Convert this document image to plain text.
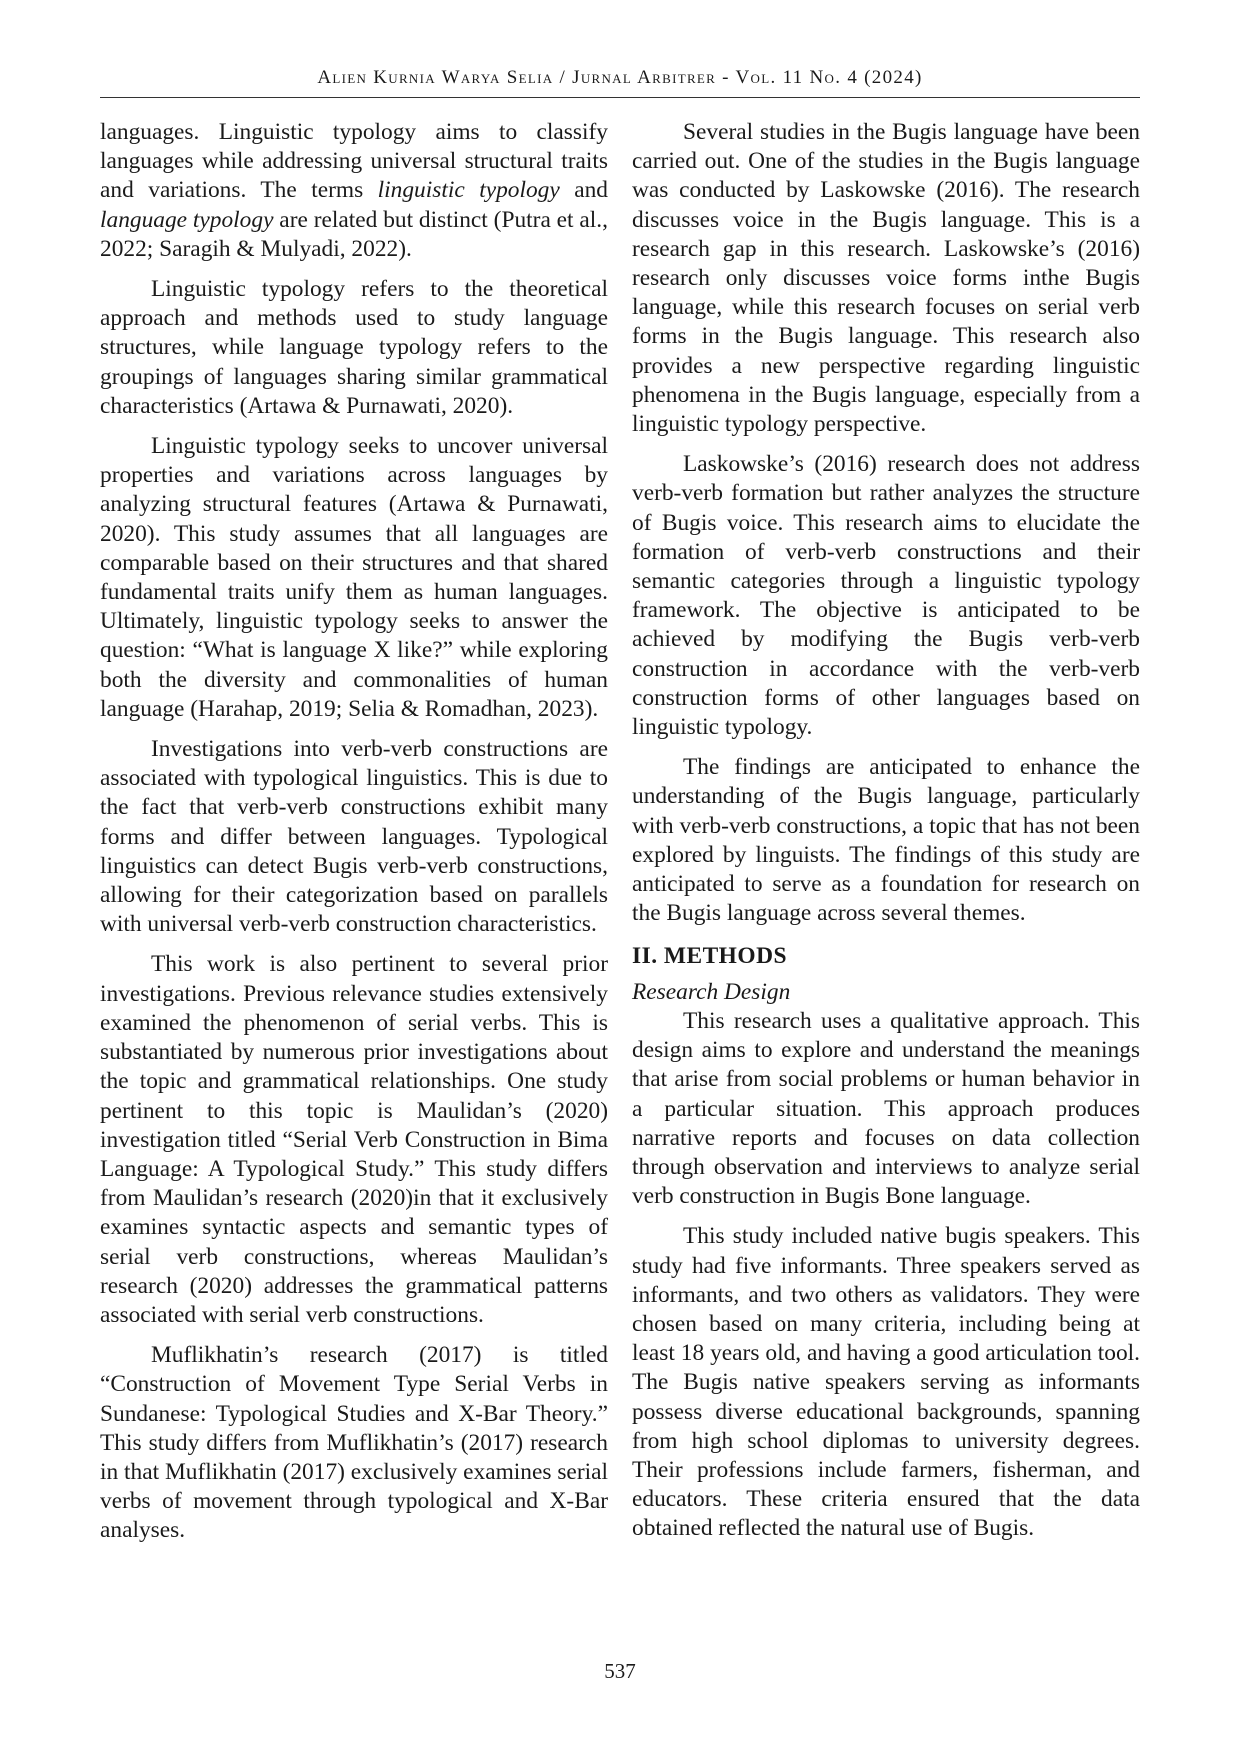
Alien Kurnia Warya Selia / Jurnal Arbitrer - Vol. 11 No. 4 (2024)

languages. Linguistic typology aims to classify languages while addressing universal structural traits and variations. The terms linguistic typology and language typology are related but distinct (Putra et al., 2022; Saragih & Mulyadi, 2022).

Linguistic typology refers to the theoretical approach and methods used to study language structures, while language typology refers to the groupings of languages sharing similar grammatical characteristics (Artawa & Purnawati, 2020).

Linguistic typology seeks to uncover universal properties and variations across languages by analyzing structural features (Artawa & Purnawati, 2020). This study assumes that all languages are comparable based on their structures and that shared fundamental traits unify them as human languages. Ultimately, linguistic typology seeks to answer the question: “What is language X like?” while exploring both the diversity and commonalities of human language (Harahap, 2019; Selia & Romadhan, 2023).

Investigations into verb-verb constructions are associated with typological linguistics. This is due to the fact that verb-verb constructions exhibit many forms and differ between languages. Typological linguistics can detect Bugis verb-verb constructions, allowing for their categorization based on parallels with universal verb-verb construction characteristics.

This work is also pertinent to several prior investigations. Previous relevance studies extensively examined the phenomenon of serial verbs. This is substantiated by numerous prior investigations about the topic and grammatical relationships. One study pertinent to this topic is Maulidan’s (2020) investigation titled “Serial Verb Construction in Bima Language: A Typological Study.” This study differs from Maulidan’s research (2020)in that it exclusively examines syntactic aspects and semantic types of serial verb constructions, whereas Maulidan’s research (2020) addresses the grammatical patterns associated with serial verb constructions.

Muflikhatin’s research (2017) is titled “Construction of Movement Type Serial Verbs in Sundanese: Typological Studies and X-Bar Theory.” This study differs from Muflikhatin’s (2017) research in that Muflikhatin (2017) exclusively examines serial verbs of movement through typological and X-Bar analyses.

Several studies in the Bugis language have been carried out. One of the studies in the Bugis language was conducted by Laskowske (2016). The research discusses voice in the Bugis language. This is a research gap in this research. Laskowske’s (2016) research only discusses voice forms inthe Bugis language, while this research focuses on serial verb forms in the Bugis language. This research also provides a new perspective regarding linguistic phenomena in the Bugis language, especially from a linguistic typology perspective.

Laskowske’s (2016) research does not address verb-verb formation but rather analyzes the structure of Bugis voice. This research aims to elucidate the formation of verb-verb constructions and their semantic categories through a linguistic typology framework. The objective is anticipated to be achieved by modifying the Bugis verb-verb construction in accordance with the verb-verb construction forms of other languages based on linguistic typology.

The findings are anticipated to enhance the understanding of the Bugis language, particularly with verb-verb constructions, a topic that has not been explored by linguists. The findings of this study are anticipated to serve as a foundation for research on the Bugis language across several themes.

II. METHODS
Research Design

This research uses a qualitative approach. This design aims to explore and understand the meanings that arise from social problems or human behavior in a particular situation. This approach produces narrative reports and focuses on data collection through observation and interviews to analyze serial verb construction in Bugis Bone language.

This study included native bugis speakers. This study had five informants. Three speakers served as informants, and two others as validators. They were chosen based on many criteria, including being at least 18 years old, and having a good articulation tool. The Bugis native speakers serving as informants possess diverse educational backgrounds, spanning from high school diplomas to university degrees. Their professions include farmers, fisherman, and educators. These criteria ensured that the data obtained reflected the natural use of Bugis.

537
